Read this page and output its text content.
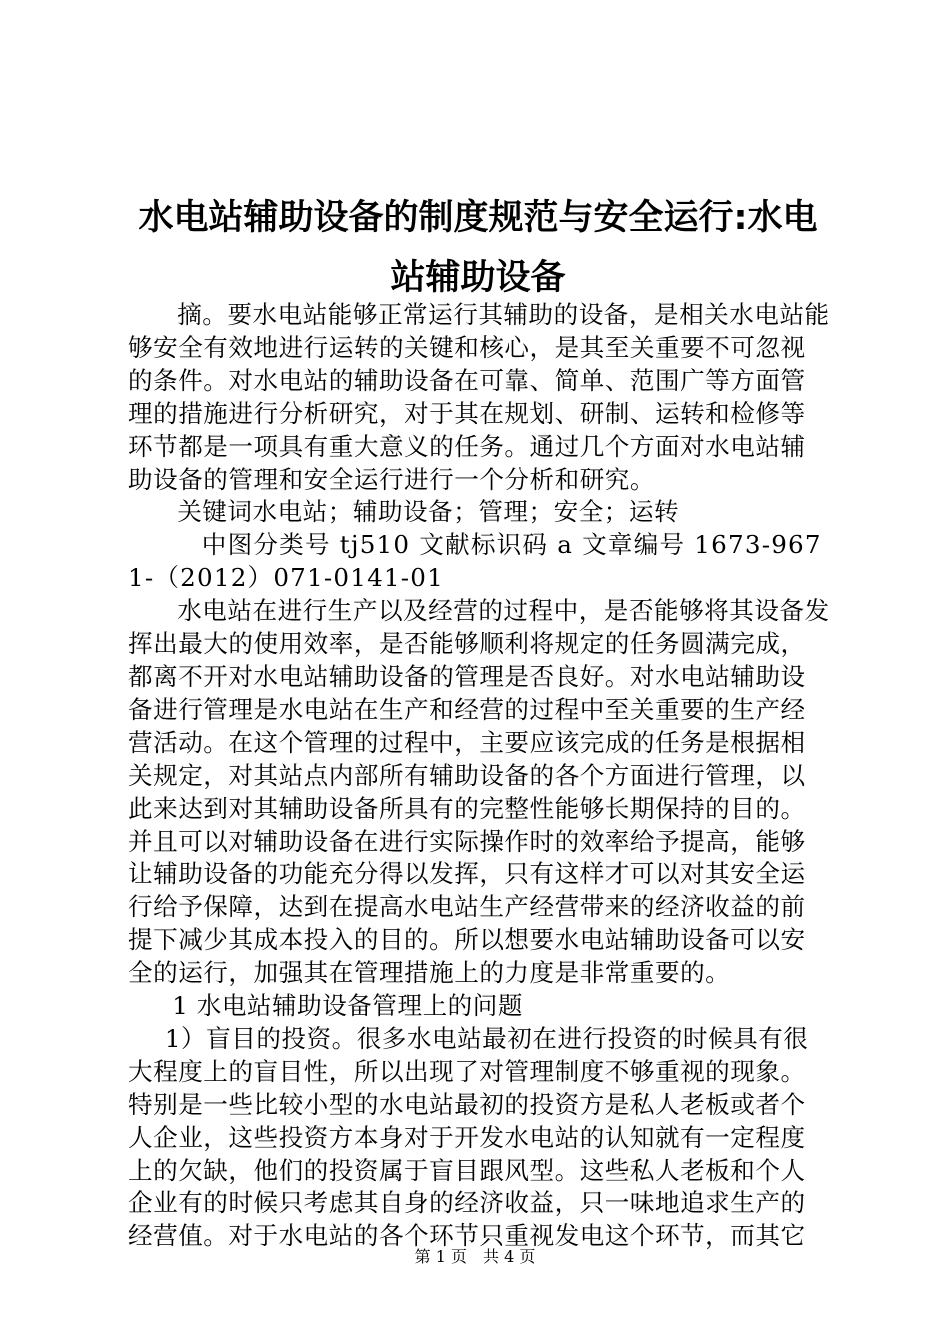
水电站辅助设备的制度规范与安全运行:水电站辅助设备

摘。要水电站能够正常运行其辅助的设备，是相关水电站能够安全有效地进行运转的关键和核心，是其至关重要不可忽视的条件。对水电站的辅助设备在可靠、简单、范围广等方面管理的措施进行分析研究，对于其在规划、研制、运转和检修等环节都是一项具有重大意义的任务。通过几个方面对水电站辅助设备的管理和安全运行进行一个分析和研究。

关键词水电站；辅助设备；管理；安全；运转

中图分类号 tj510 文献标识码 a 文章编号 1673-9671-（2012）071-0141-01

水电站在进行生产以及经营的过程中，是否能够将其设备发挥出最大的使用效率，是否能够顺利将规定的任务圆满完成，都离不开对水电站辅助设备的管理是否良好。对水电站辅助设备进行管理是水电站在生产和经营的过程中至关重要的生产经营活动。在这个管理的过程中，主要应该完成的任务是根据相关规定，对其站点内部所有辅助设备的各个方面进行管理，以此来达到对其辅助设备所具有的完整性能够长期保持的目的。并且可以对辅助设备在进行实际操作时的效率给予提高，能够让辅助设备的功能充分得以发挥，只有这样才可以对其安全运行给予保障，达到在提高水电站生产经营带来的经济收益的前提下减少其成本投入的目的。所以想要水电站辅助设备可以安全的运行，加强其在管理措施上的力度是非常重要的。

1 水电站辅助设备管理上的问题

1）盲目的投资。很多水电站最初在进行投资的时候具有很大程度上的盲目性，所以出现了对管理制度不够重视的现象。特别是一些比较小型的水电站最初的投资方是私人老板或者个人企业，这些投资方本身对于开发水电站的认知就有一定程度上的欠缺，他们的投资属于盲目跟风型。这些私人老板和个人企业有的时候只考虑其自身的经济收益，只一味地追求生产的经营值。对于水电站的各个环节只重视发电这个环节，而其它

第 1 页　共 4 页
